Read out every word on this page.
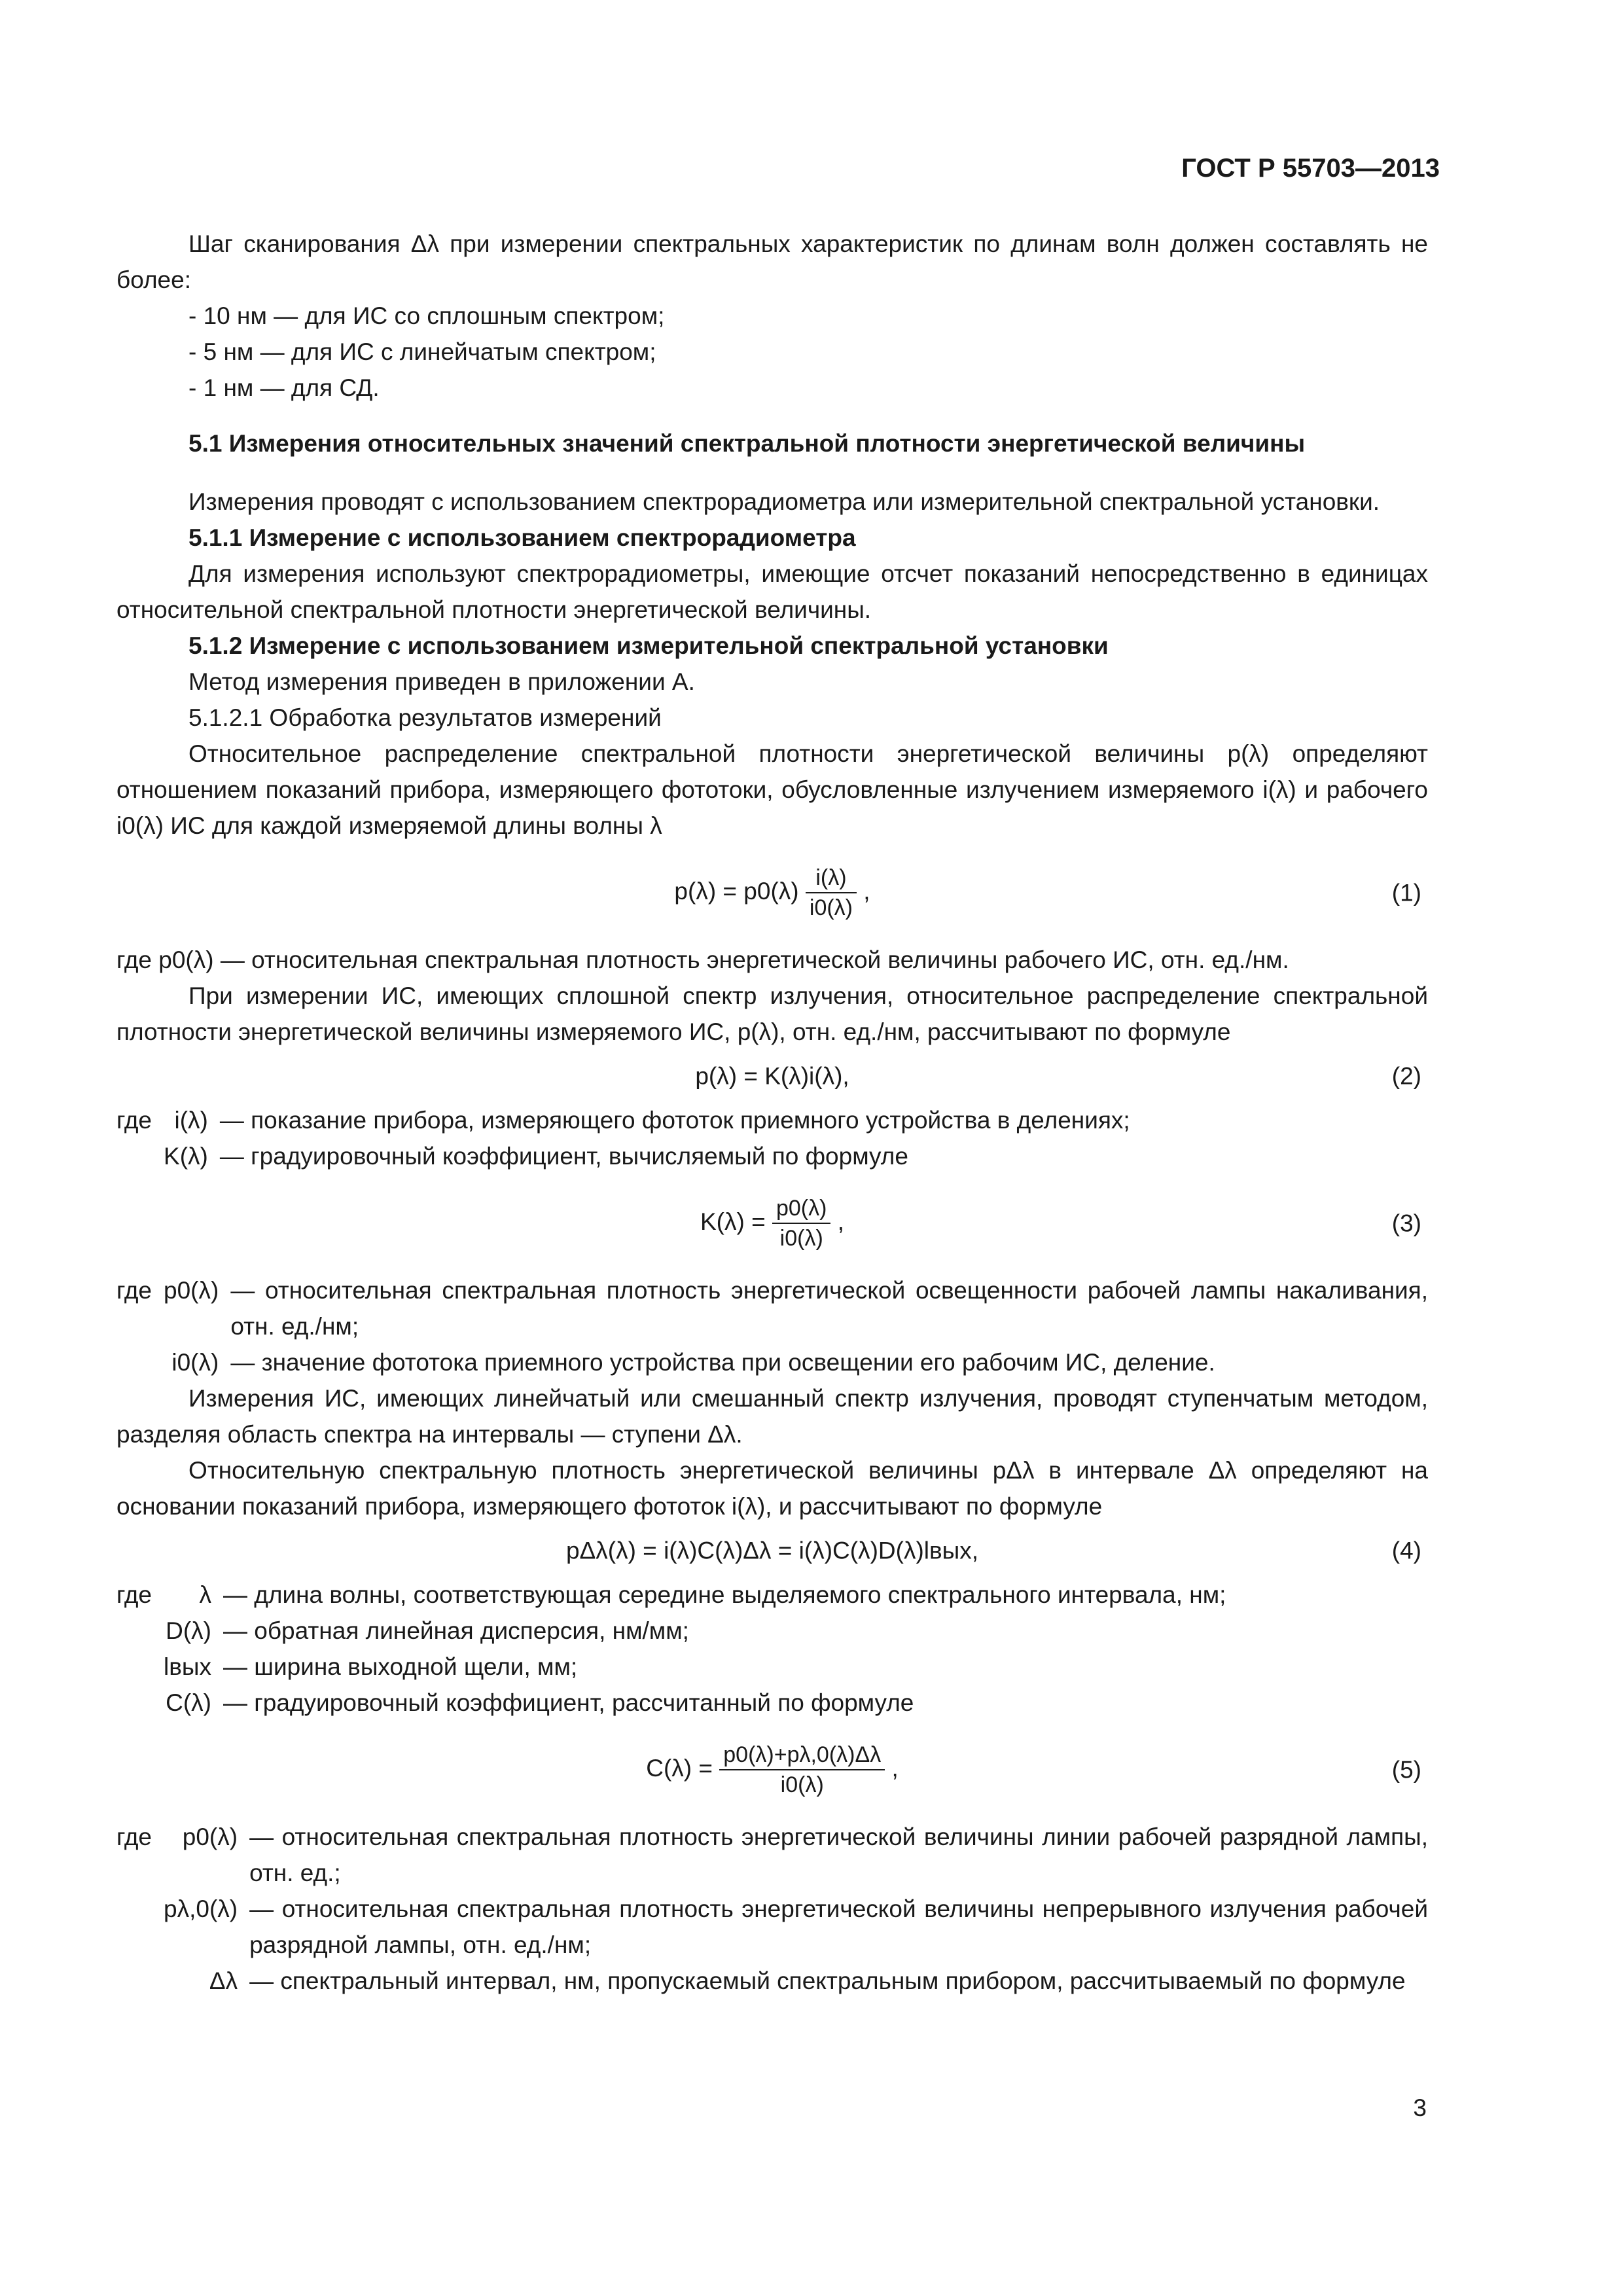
ГОСТ Р 55703—2013

Шаг сканирования Δλ при измерении спектральных характеристик по длинам волн должен составлять не более:

- 10 нм — для ИС со сплошным спектром;

- 5 нм — для ИС с линейчатым спектром;

- 1 нм — для СД.

5.1 Измерения относительных значений спектральной плотности энергетической величины

Измерения проводят с использованием спектрорадиометра или измерительной спектральной установки.

5.1.1 Измерение с использованием спектрорадиометра

Для измерения используют спектрорадиометры, имеющие отсчет показаний непосредственно в единицах относительной спектральной плотности энергетической величины.

5.1.2 Измерение с использованием измерительной спектральной установки

Метод измерения приведен в приложении А.

5.1.2.1 Обработка результатов измерений

Относительное распределение спектральной плотности энергетической величины p(λ) определяют отношением показаний прибора, измеряющего фототоки, обусловленные излучением измеряемого i(λ) и рабочего i0(λ) ИС для каждой измеряемой длины волны λ

$p(\lambda) = p0(\lambda) \frac{i(\lambda)}{i0(\lambda)}$ ,	(1)

где p0(λ) — относительная спектральная плотность энергетической величины рабочего ИС, отн. ед./нм.

При измерении ИС, имеющих сплошной спектр излучения, относительное распределение спектральной плотности энергетической величины измеряемого ИС, p(λ), отн. ед./нм, рассчитывают по формуле

p(λ) = K(λ)i(λ),	(2)
где i(λ) — показание прибора, измеряющего фототок приемного устройства в делениях;
K(λ) — градуировочный коэффициент, вычисляемый по формуле
$K(\lambda) = \frac{p0(\lambda)}{i0(\lambda)}$ ,	(3)
где p0(λ) — относительная спектральная плотность энергетической освещенности рабочей лампы накаливания, отн. ед./нм;
i0(λ) — значение фототока приемного устройства при освещении его рабочим ИС, деление.

Измерения ИС, имеющих линейчатый или смешанный спектр излучения, проводят ступенчатым методом, разделяя область спектра на интервалы — ступени Δλ.

Относительную спектральную плотность энергетической величины pΔλ в интервале Δλ определяют на основании показаний прибора, измеряющего фототок i(λ), и рассчитывают по формуле

pΔλ(λ) = i(λ)C(λ)Δλ = i(λ)C(λ)D(λ)lвых,	(4)
где	λ — длина волны, соответствующая середине выделяемого спектрального интервала, нм;
D(λ) — обратная линейная дисперсия, нм/мм;
lвых — ширина выходной щели, мм;
C(λ) — градуировочный коэффициент, рассчитанный по формуле
$C(\lambda) = \frac{p0(\lambda)+p\lambda,0(\lambda)\Delta\lambda}{i0(\lambda)}$ ,	(5)
где	p0(λ) — относительная спектральная плотность энергетической величины линии рабочей разрядной лампы, отн. ед.;
pλ,0(λ) — относительная спектральная плотность энергетической величины непрерывного излучения рабочей разрядной лампы, отн. ед./нм;
Δλ — спектральный интервал, нм, пропускаемый спектральным прибором, рассчитываемый по формуле
3
